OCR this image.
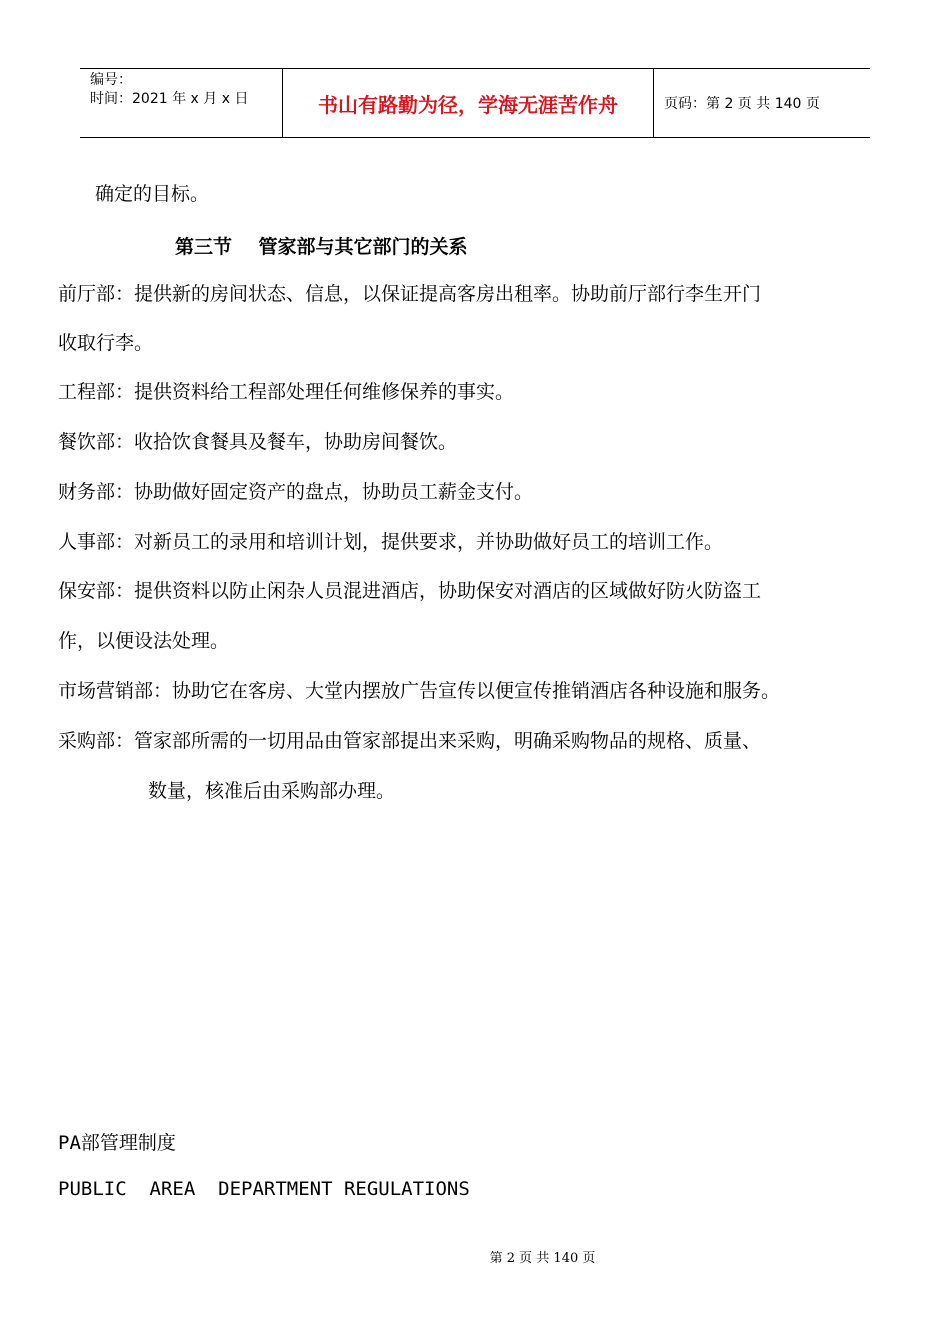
编号：
时间：2021 年 x 月 x 日	书山有路勤为径，学海无涯苦作舟	页码：第 2 页 共 140 页
确定的目标。
第三节    管家部与其它部门的关系
前厅部：提供新的房间状态、信息，以保证提高客房出租率。协助前厅部行李生开门
收取行李。
工程部：提供资料给工程部处理任何维修保养的事实。
餐饮部：收拾饮食餐具及餐车，协助房间餐饮。
财务部：协助做好固定资产的盘点，协助员工薪金支付。
人事部：对新员工的录用和培训计划，提供要求，并协助做好员工的培训工作。
保安部：提供资料以防止闲杂人员混进酒店，协助保安对酒店的区域做好防火防盗工
作，以便设法处理。
市场营销部：协助它在客房、大堂内摆放广告宣传以便宣传推销酒店各种设施和服务。
采购部：管家部所需的一切用品由管家部提出来采购，明确采购物品的规格、质量、
数量，核准后由采购部办理。
PA部管理制度
PUBLIC  AREA  DEPARTMENT REGULATIONS
第 2 页 共 140 页
